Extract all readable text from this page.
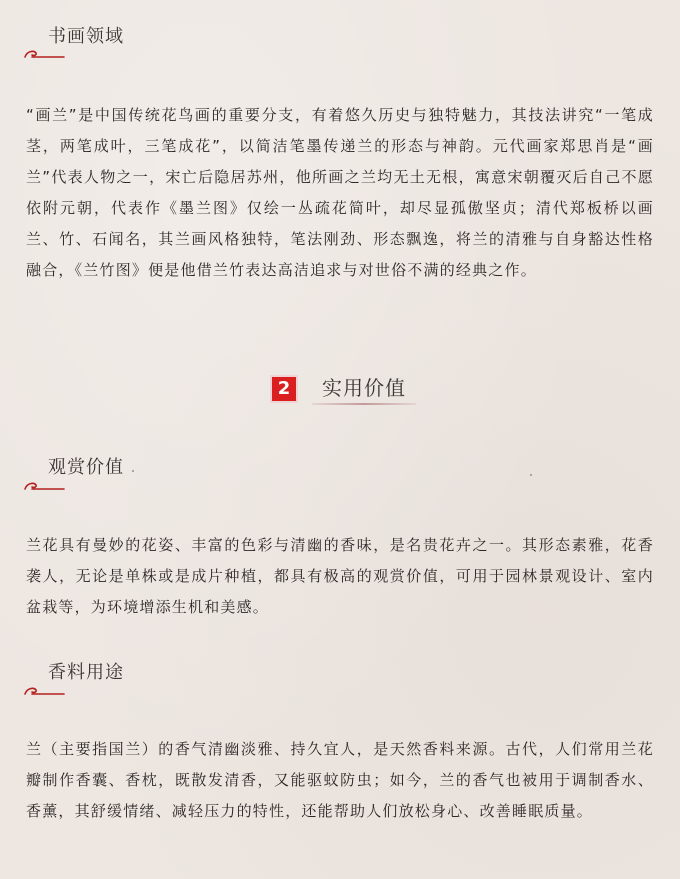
书画领域

“画兰”是中国传统花鸟画的重要分支，有着悠久历史与独特魅力，其技法讲究“一笔成茎，两笔成叶，三笔成花”，以简洁笔墨传递兰的形态与神韵。元代画家郑思肖是“画兰”代表人物之一，宋亡后隐居苏州，他所画之兰均无土无根，寓意宋朝覆灭后自己不愿依附元朝，代表作《墨兰图》仅绘一丛疏花简叶，却尽显孤傲坚贞；清代郑板桥以画兰、竹、石闻名，其兰画风格独特，笔法刚劲、形态飘逸，将兰的清雅与自身豁达性格融合，《兰竹图》便是他借兰竹表达高洁追求与对世俗不满的经典之作。

2	实用价值
观赏价值

兰花具有曼妙的花姿、丰富的色彩与清幽的香味，是名贵花卉之一。其形态素雅，花香袭人，无论是单株或是成片种植，都具有极高的观赏价值，可用于园林景观设计、室内盆栽等，为环境增添生机和美感。

香料用途

兰（主要指国兰）的香气清幽淡雅、持久宜人，是天然香料来源。古代，人们常用兰花瓣制作香囊、香枕，既散发清香，又能驱蚊防虫；如今，兰的香气也被用于调制香水、香薰，其舒缓情绪、减轻压力的特性，还能帮助人们放松身心、改善睡眠质量。
